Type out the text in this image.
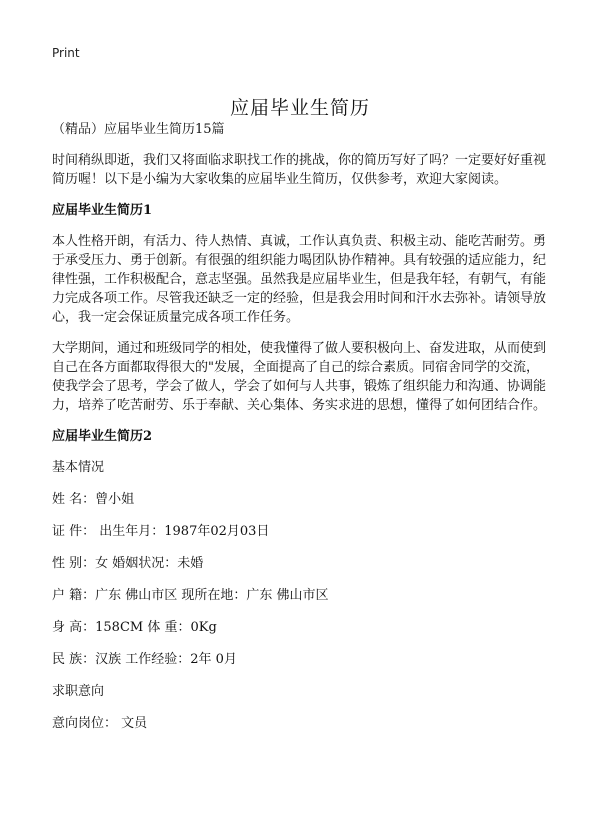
Print
应届毕业生简历

（精品）应届毕业生简历15篇

时间稍纵即逝，我们又将面临求职找工作的挑战，你的简历写好了吗？一定要好好重视简历喔！以下是小编为大家收集的应届毕业生简历，仅供参考，欢迎大家阅读。

应届毕业生简历1

本人性格开朗，有活力、待人热情、真诚，工作认真负责、积极主动、能吃苦耐劳。勇于承受压力、勇于创新。有很强的组织能力喝团队协作精神。具有较强的适应能力，纪律性强，工作积极配合，意志坚强。虽然我是应届毕业生，但是我年轻，有朝气，有能力完成各项工作。尽管我还缺乏一定的经验，但是我会用时间和汗水去弥补。请领导放心，我一定会保证质量完成各项工作任务。

大学期间，通过和班级同学的相处，使我懂得了做人要积极向上、奋发进取，从而使到自己在各方面都取得很大的"发展，全面提高了自己的综合素质。同宿舍同学的交流，使我学会了思考，学会了做人，学会了如何与人共事，锻炼了组织能力和沟通、协调能力，培养了吃苦耐劳、乐于奉献、关心集体、务实求进的思想，懂得了如何团结合作。

应届毕业生简历2

基本情况

姓 名：曾小姐

证 件： 出生年月：1987年02月03日

性 别：女 婚姻状况：未婚

户 籍：广东 佛山市区 现所在地：广东 佛山市区

身 高：158CM 体 重：0Kg

民 族：汉族 工作经验：2年 0月

求职意向

意向岗位： 文员
